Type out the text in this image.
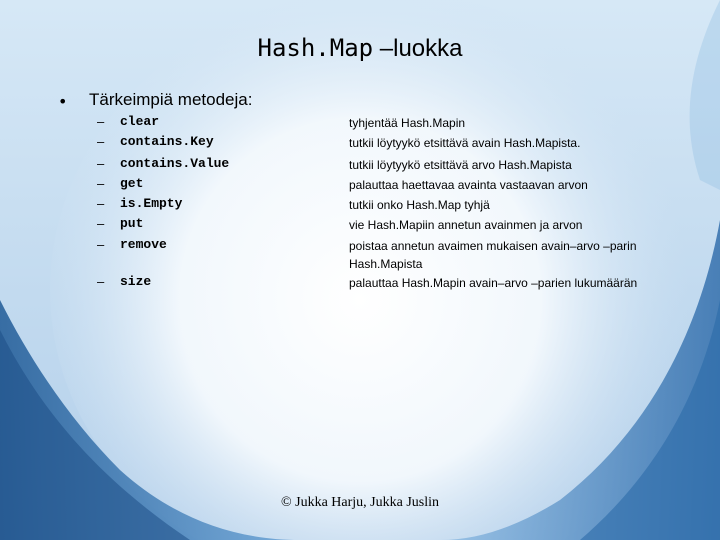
Hash.Map –luokka
• Tärkeimpiä metodeja:
– clear	tyhjentää Hash.Mapin
– contains.Key	tutkii löytyykö etsittävä avain Hash.Mapista.
– contains.Value	tutkii löytyykö etsittävä arvo Hash.Mapista
– get	palauttaa haettavaa avainta vastaavan arvon
– is.Empty	tutkii onko Hash.Map tyhjä
– put	vie Hash.Mapiin annetun avainmen ja arvon
– remove	poistaa annetun avaimen mukaisen avain–arvo –parin Hash.Mapista
– size	palauttaa Hash.Mapin avain–arvo –parien lukumäärän
© Jukka Harju, Jukka Juslin
